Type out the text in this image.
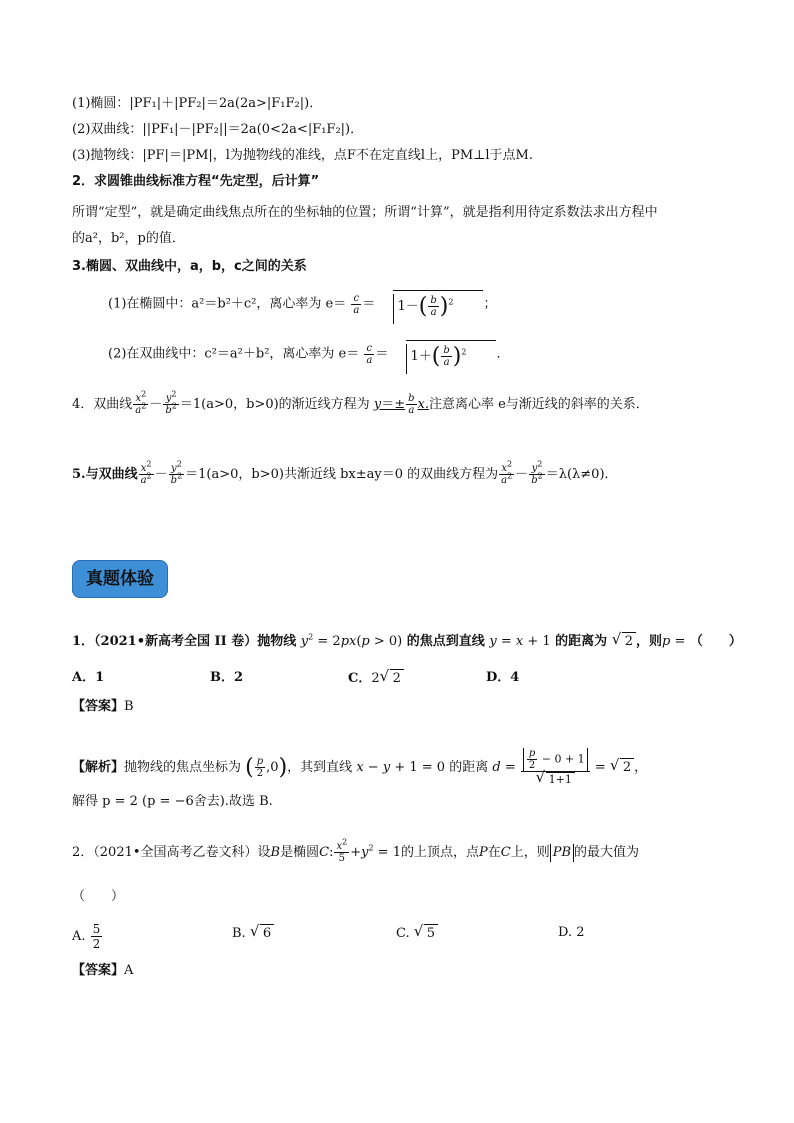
(1)椭圆：|PF₁|＋|PF₂|＝2a(2a>|F₁F₂|)．
(2)双曲线：||PF₁|－|PF₂||＝2a(0<2a<|F₁F₂|)．
(3)抛物线：|PF|＝|PM|，l为抛物线的准线，点F不在定直线l上，PM⊥l于点M.
2．求圆锥曲线标准方程“先定型，后计算”
所谓“定型”，就是确定曲线焦点所在的坐标轴的位置；所谓“计算”，就是指利用待定系数法求出方程中
的a²，b²，p的值．
3.椭圆、双曲线中，a，b，c之间的关系
(1)在椭圆中：a²＝b²＋c²，离心率为 $e= \frac{c}{a} = 1-( \frac{b}{a} )^2$ ；
(2)在双曲线中：c²＝a²＋b²，离心率为 $e= \frac{c}{a} = 1+( \frac{b}{a} )^2$ ．
4．双曲线 $\frac{x^2}{a^2} - \frac{y^2}{b^2} =1(a>0$，b>0)的渐近线方程为 $y=\pm \frac{b}{a} x$.注意离心率 e与渐近线的斜率的关系．
5.与双曲线 $\frac{x^2}{a^2} - \frac{y^2}{b^2} =1(a>0$，b>0)共渐近线 bx±ay＝0 的双曲线方程为 $\frac{x^2}{a^2} - \frac{y^2}{b^2} =\lambda(\lambda\ne 0)$．
真题体验
1．（2021•新高考全国 II 卷）抛物线 $y^2 = 2px(p > 0)$ 的焦点到直线 y = x + 1 的距离为 √ 2 ，则p = （　　）
A．1	B．2	C．2 √ 2	D．4
【答案】B
【解析】抛物线的焦点坐标为 ( $\frac{p}{2} ,0$)，其到直线 x − y + 1 = 0 的距离 $d = \frac{p}{2} - 0 + 1$
√ 1+1 = √ 2 ，
解得 p = 2 (p = −6舍去).故选 B.
2．（2021•全国高考乙卷文科）设B是椭圆C: $\frac{x^2}{5} +y^2 = 1$的上顶点，点P在C上，则 PB 的最大值为
（　　）
A. $\frac{5}{2}$	B. √ 6	C. √ 5	D. 2
【答案】A
